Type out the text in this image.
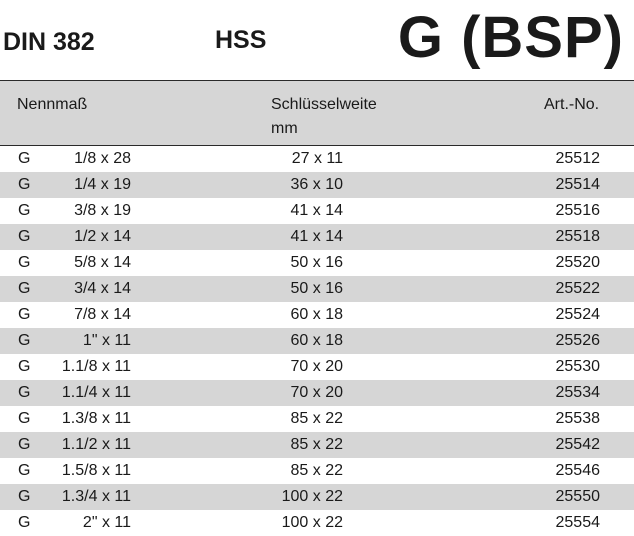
DIN 382	HSS G (BSP)
Nennmaß	Schlüsselweite
mm
Art.-No.
G	1/8 x 28	27 x 11	25512
G	1/4 x 19	36 x 10	25514
G	3/8 x 19	41 x 14	25516
G	1/2 x 14	41 x 14	25518
G	5/8 x 14	50 x 16	25520
G	3/4 x 14	50 x 16	25522
G	7/8 x 14	60 x 18	25524
G	1" x 11	60 x 18	25526
G 1.1/8 x 11	70 x 20	25530
G 1.1/4 x 11	70 x 20	25534
G 1.3/8 x 11	85 x 22	25538
G 1.1/2 x 11	85 x 22	25542
G 1.5/8 x 11	85 x 22	25546
G 1.3/4 x 11	100 x 22	25550
G	2" x 11	100 x 22	25554
